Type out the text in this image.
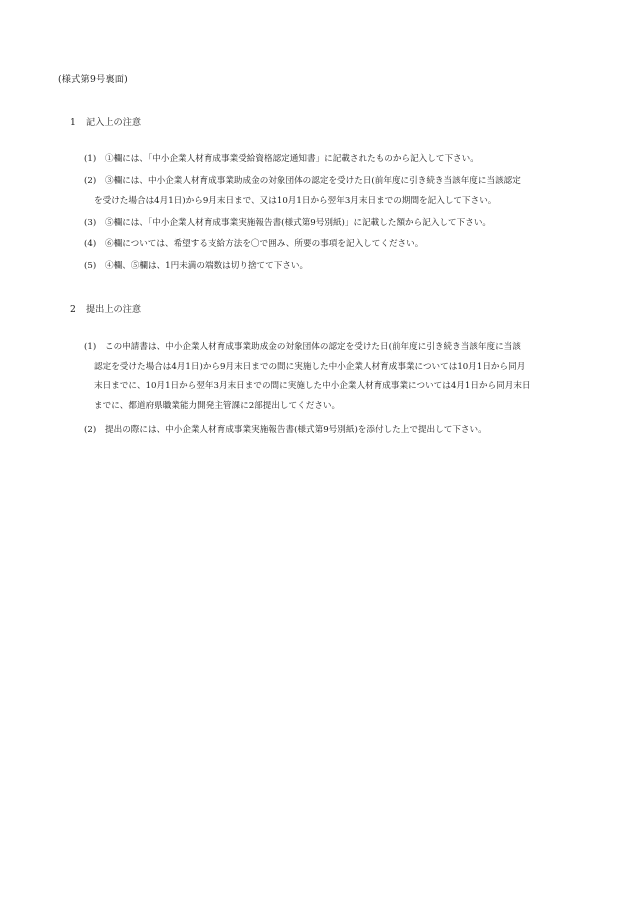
(様式第9号裏面)
1 記入上の注意
(1)	①欄には、「中小企業人材育成事業受給資格認定通知書」に記載されたものから記入して下さい。
(2)	③欄には、中小企業人材育成事業助成金の対象団体の認定を受けた日(前年度に引き続き当該年度に当該認定
を受けた場合は4月1日)から9月末日まで、又は10月1日から翌年3月末日までの期間を記入して下さい。
(3)	⑤欄には、「中小企業人材育成事業実施報告書(様式第9号別紙)」に記載した額から記入して下さい。
(4)	⑥欄については、希望する支給方法を〇で囲み、所要の事項を記入してください。
(5)	④欄、⑤欄は、1円未満の端数は切り捨てて下さい。
2 提出上の注意
(1)	この申請書は、中小企業人材育成事業助成金の対象団体の認定を受けた日(前年度に引き続き当該年度に当該
認定を受けた場合は4月1日)から9月末日までの間に実施した中小企業人材育成事業については10月1日から同月
末日までに、10月1日から翌年3月末日までの間に実施した中小企業人材育成事業については4月1日から同月末日
までに、都道府県職業能力開発主管課に2部提出してください。
(2)	提出の際には、中小企業人材育成事業実施報告書(様式第9号別紙)を添付した上で提出して下さい。
